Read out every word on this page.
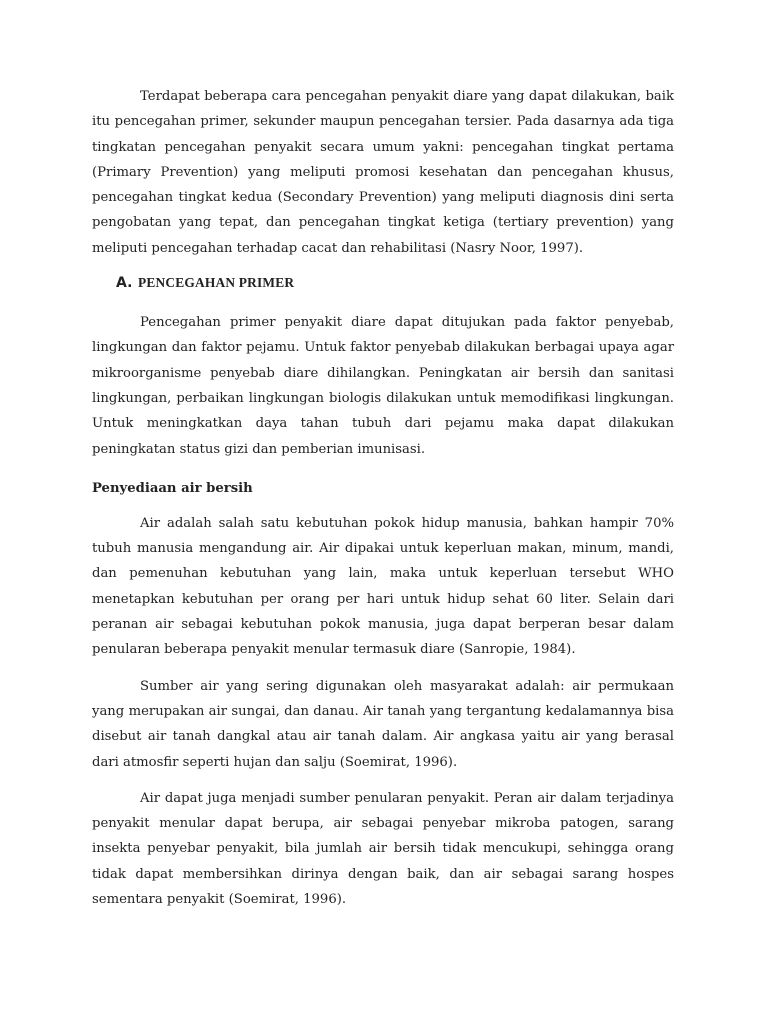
Terdapat beberapa cara pencegahan penyakit diare yang dapat dilakukan, baik itu pencegahan primer, sekunder maupun pencegahan tersier. Pada dasarnya ada tiga tingkatan pencegahan penyakit secara umum yakni: pencegahan tingkat pertama (Primary Prevention) yang meliputi promosi kesehatan dan pencegahan khusus, pencegahan tingkat kedua (Secondary Prevention) yang meliputi diagnosis dini serta pengobatan yang tepat, dan pencegahan tingkat ketiga (tertiary prevention) yang meliputi pencegahan terhadap cacat dan rehabilitasi (Nasry Noor, 1997).

A. PENCEGAHAN PRIMER

Pencegahan primer penyakit diare dapat ditujukan pada faktor penyebab, lingkungan dan faktor pejamu. Untuk faktor penyebab dilakukan berbagai upaya agar mikroorganisme penyebab diare dihilangkan. Peningkatan air bersih dan sanitasi lingkungan, perbaikan lingkungan biologis dilakukan untuk memodifikasi lingkungan. Untuk meningkatkan daya tahan tubuh dari pejamu maka dapat dilakukan peningkatan status gizi dan pemberian imunisasi.

Penyediaan air bersih

Air adalah salah satu kebutuhan pokok hidup manusia, bahkan hampir 70% tubuh manusia mengandung air. Air dipakai untuk keperluan makan, minum, mandi, dan pemenuhan kebutuhan yang lain, maka untuk keperluan tersebut WHO menetapkan kebutuhan per orang per hari untuk hidup sehat 60 liter. Selain dari peranan air sebagai kebutuhan pokok manusia, juga dapat berperan besar dalam penularan beberapa penyakit menular termasuk diare (Sanropie, 1984).

Sumber air yang sering digunakan oleh masyarakat adalah: air permukaan yang merupakan air sungai, dan danau. Air tanah yang tergantung kedalamannya bisa disebut air tanah dangkal atau air tanah dalam. Air angkasa yaitu air yang berasal dari atmosfir seperti hujan dan salju (Soemirat, 1996).

Air dapat juga menjadi sumber penularan penyakit. Peran air dalam terjadinya penyakit menular dapat berupa, air sebagai penyebar mikroba patogen, sarang insekta penyebar penyakit, bila jumlah air bersih tidak mencukupi, sehingga orang tidak dapat membersihkan dirinya dengan baik, dan air sebagai sarang hospes sementara penyakit (Soemirat, 1996).
